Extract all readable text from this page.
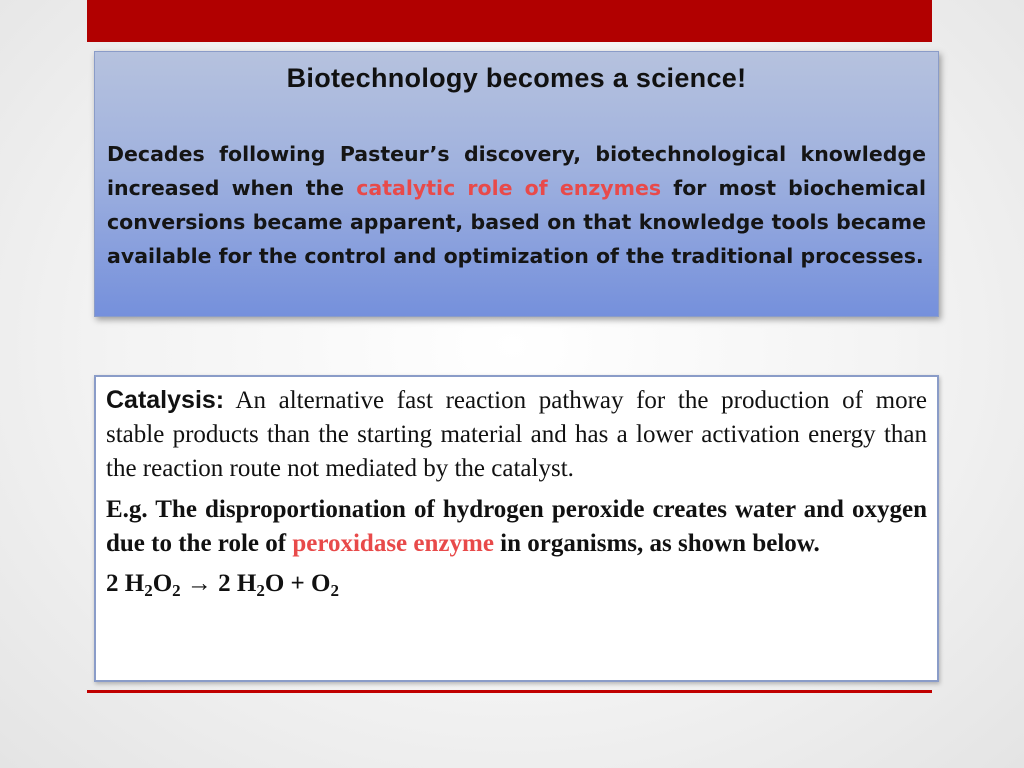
Biotechnology becomes a science!

Decades following Pasteur’s discovery, biotechnological knowledge increased when the catalytic role of enzymes for most biochemical conversions became apparent, based on that knowledge tools became available for the control and optimization of the traditional processes.

Catalysis: An alternative fast reaction pathway for the production of more stable products than the starting material and has a lower activation energy than the reaction route not mediated by the catalyst.

E.g. The disproportionation of hydrogen peroxide creates water and oxygen due to the role of peroxidase enzyme in organisms, as shown below.

2 $H_2O_2 \to 2$ $H_2O + O_2$
